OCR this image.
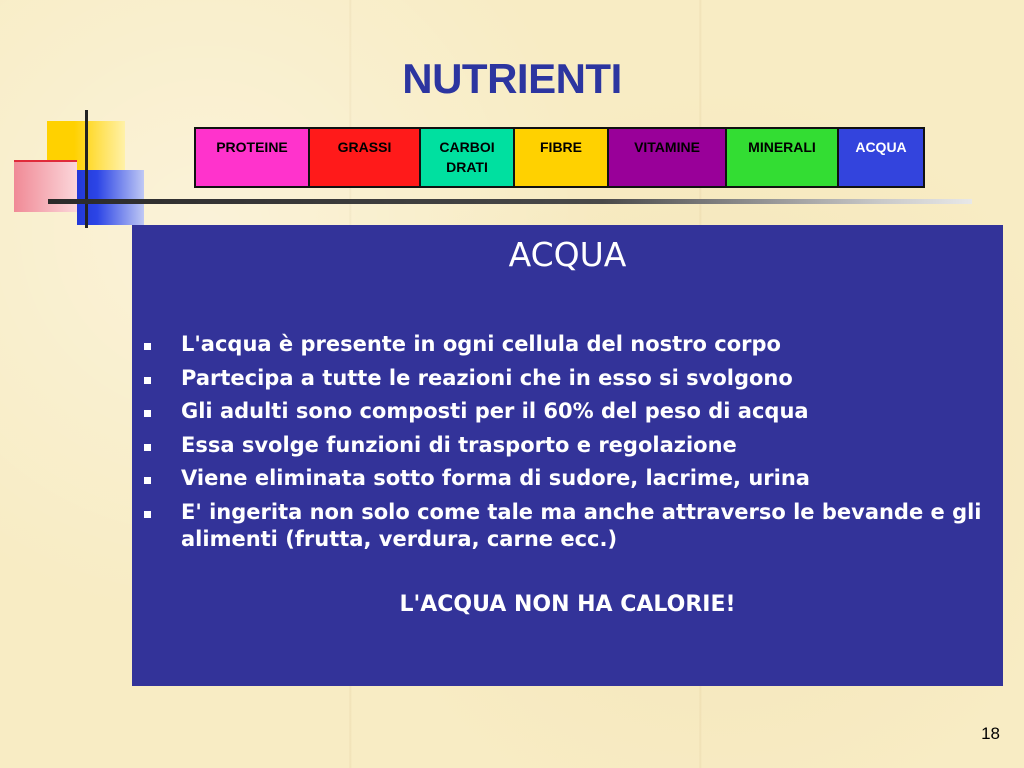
NUTRIENTI
PROTEINE	GRASSI	CARBOI
DRATI
FIBRE	VITAMINE	MINERALI	ACQUA
ACQUA
L'acqua è presente in ogni cellula del nostro corpo
Partecipa a tutte le reazioni che in esso si svolgono
Gli adulti sono composti per il 60% del peso di acqua
Essa svolge funzioni di trasporto e regolazione
Viene eliminata sotto forma di sudore, lacrime, urina
E' ingerita non solo come tale ma anche attraverso le bevande e gli alimenti (frutta, verdura, carne ecc.)
L'ACQUA NON HA CALORIE!
18
